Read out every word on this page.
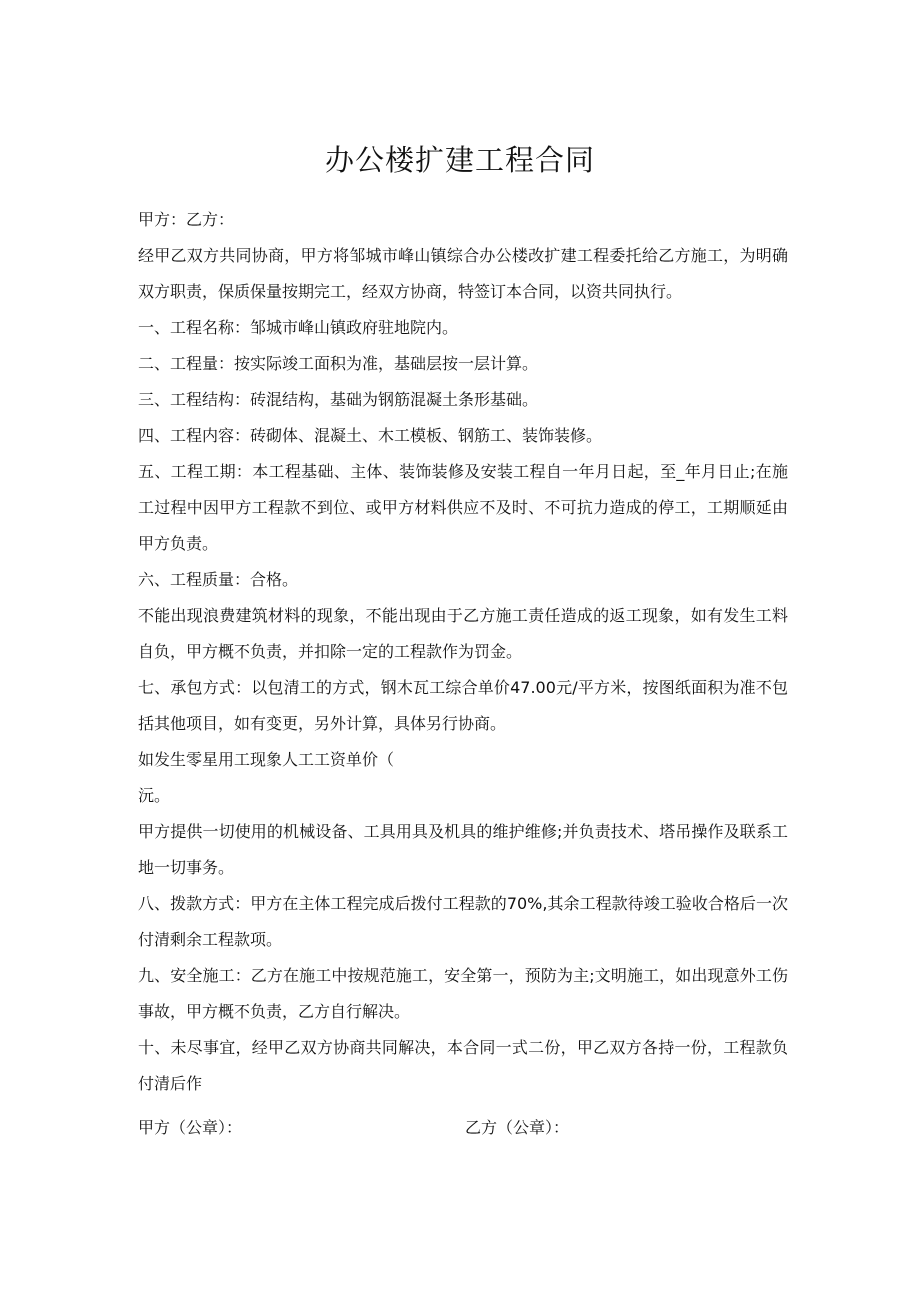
办公楼扩建工程合同

甲方：乙方：

经甲乙双方共同协商，甲方将邹城市峰山镇综合办公楼改扩建工程委托给乙方施工，为明确双方职责，保质保量按期完工，经双方协商，特签订本合同，以资共同执行。

一、工程名称：邹城市峰山镇政府驻地院内。

二、工程量：按实际竣工面积为准，基础层按一层计算。

三、工程结构：砖混结构，基础为钢筋混凝土条形基础。

四、工程内容：砖砌体、混凝土、木工模板、钢筋工、装饰装修。

五、工程工期：本工程基础、主体、装饰装修及安装工程自一年月日起，至_年月日止;在施工过程中因甲方工程款不到位、或甲方材料供应不及时、不可抗力造成的停工，工期顺延由甲方负责。

六、工程质量：合格。

不能出现浪费建筑材料的现象，不能出现由于乙方施工责任造成的返工现象，如有发生工料自负，甲方概不负责，并扣除一定的工程款作为罚金。

七、承包方式：以包清工的方式，钢木瓦工综合单价47.00元/平方米，按图纸面积为准不包括其他项目，如有变更，另外计算，具体另行协商。

如发生零星用工现象人工工资单价（

沅。

甲方提供一切使用的机械设备、工具用具及机具的维护维修;并负责技术、塔吊操作及联系工地一切事务。

八、拨款方式：甲方在主体工程完成后拨付工程款的70%,其余工程款待竣工验收合格后一次付清剩余工程款项。

九、安全施工：乙方在施工中按规范施工，安全第一，预防为主;文明施工，如出现意外工伤事故，甲方概不负责，乙方自行解决。

十、未尽事宜，经甲乙双方协商共同解决，本合同一式二份，甲乙双方各持一份，工程款负付清后作

甲方（公章）：	乙方（公章）：
